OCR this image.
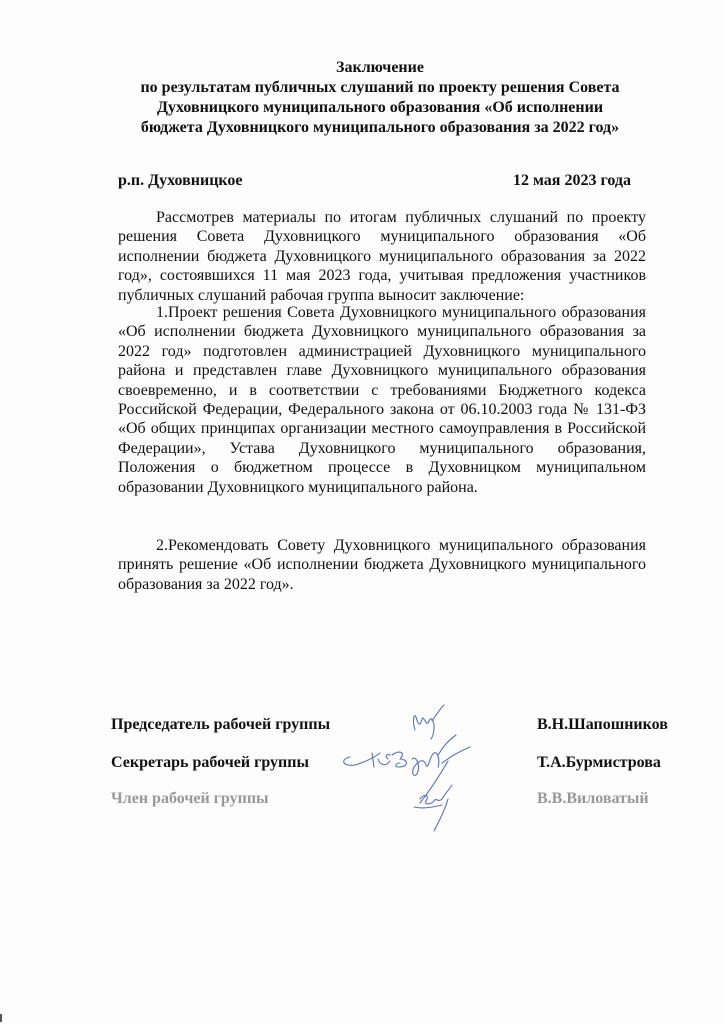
Заключение
по результатам публичных слушаний по проекту решения Совета
Духовницкого муниципального образования «Об исполнении
бюджета Духовницкого муниципального образования за 2022 год»
р.п. Духовницкое	12 мая 2023 года

Рассмотрев материалы по итогам публичных слушаний по проекту решения Совета Духовницкого муниципального образования «Об исполнении бюджета Духовницкого муниципального образования за 2022 год», состоявшихся 11 мая 2023 года, учитывая предложения участников публичных слушаний рабочая группа выносит заключение:

1.Проект решения Совета Духовницкого муниципального образования «Об исполнении бюджета Духовницкого муниципального образования за 2022 год» подготовлен администрацией Духовницкого муниципального района и представлен главе Духовницкого муниципального образования своевременно, и в соответствии с требованиями Бюджетного кодекса Российской Федерации, Федерального закона от 06.10.2003 года № 131-ФЗ «Об общих принципах организации местного самоуправления в Российской Федерации», Устава Духовницкого муниципального образования, Положения о бюджетном процессе в Духовницком муниципальном образовании Духовницкого муниципального района.

2.Рекомендовать Совету Духовницкого муниципального образования принять решение «Об исполнении бюджета Духовницкого муниципального образования за 2022 год».

Председатель рабочей группы	В.Н.Шапошников
Секретарь рабочей группы	Т.А.Бурмистрова
Член рабочей группы	В.В.Виловатый
